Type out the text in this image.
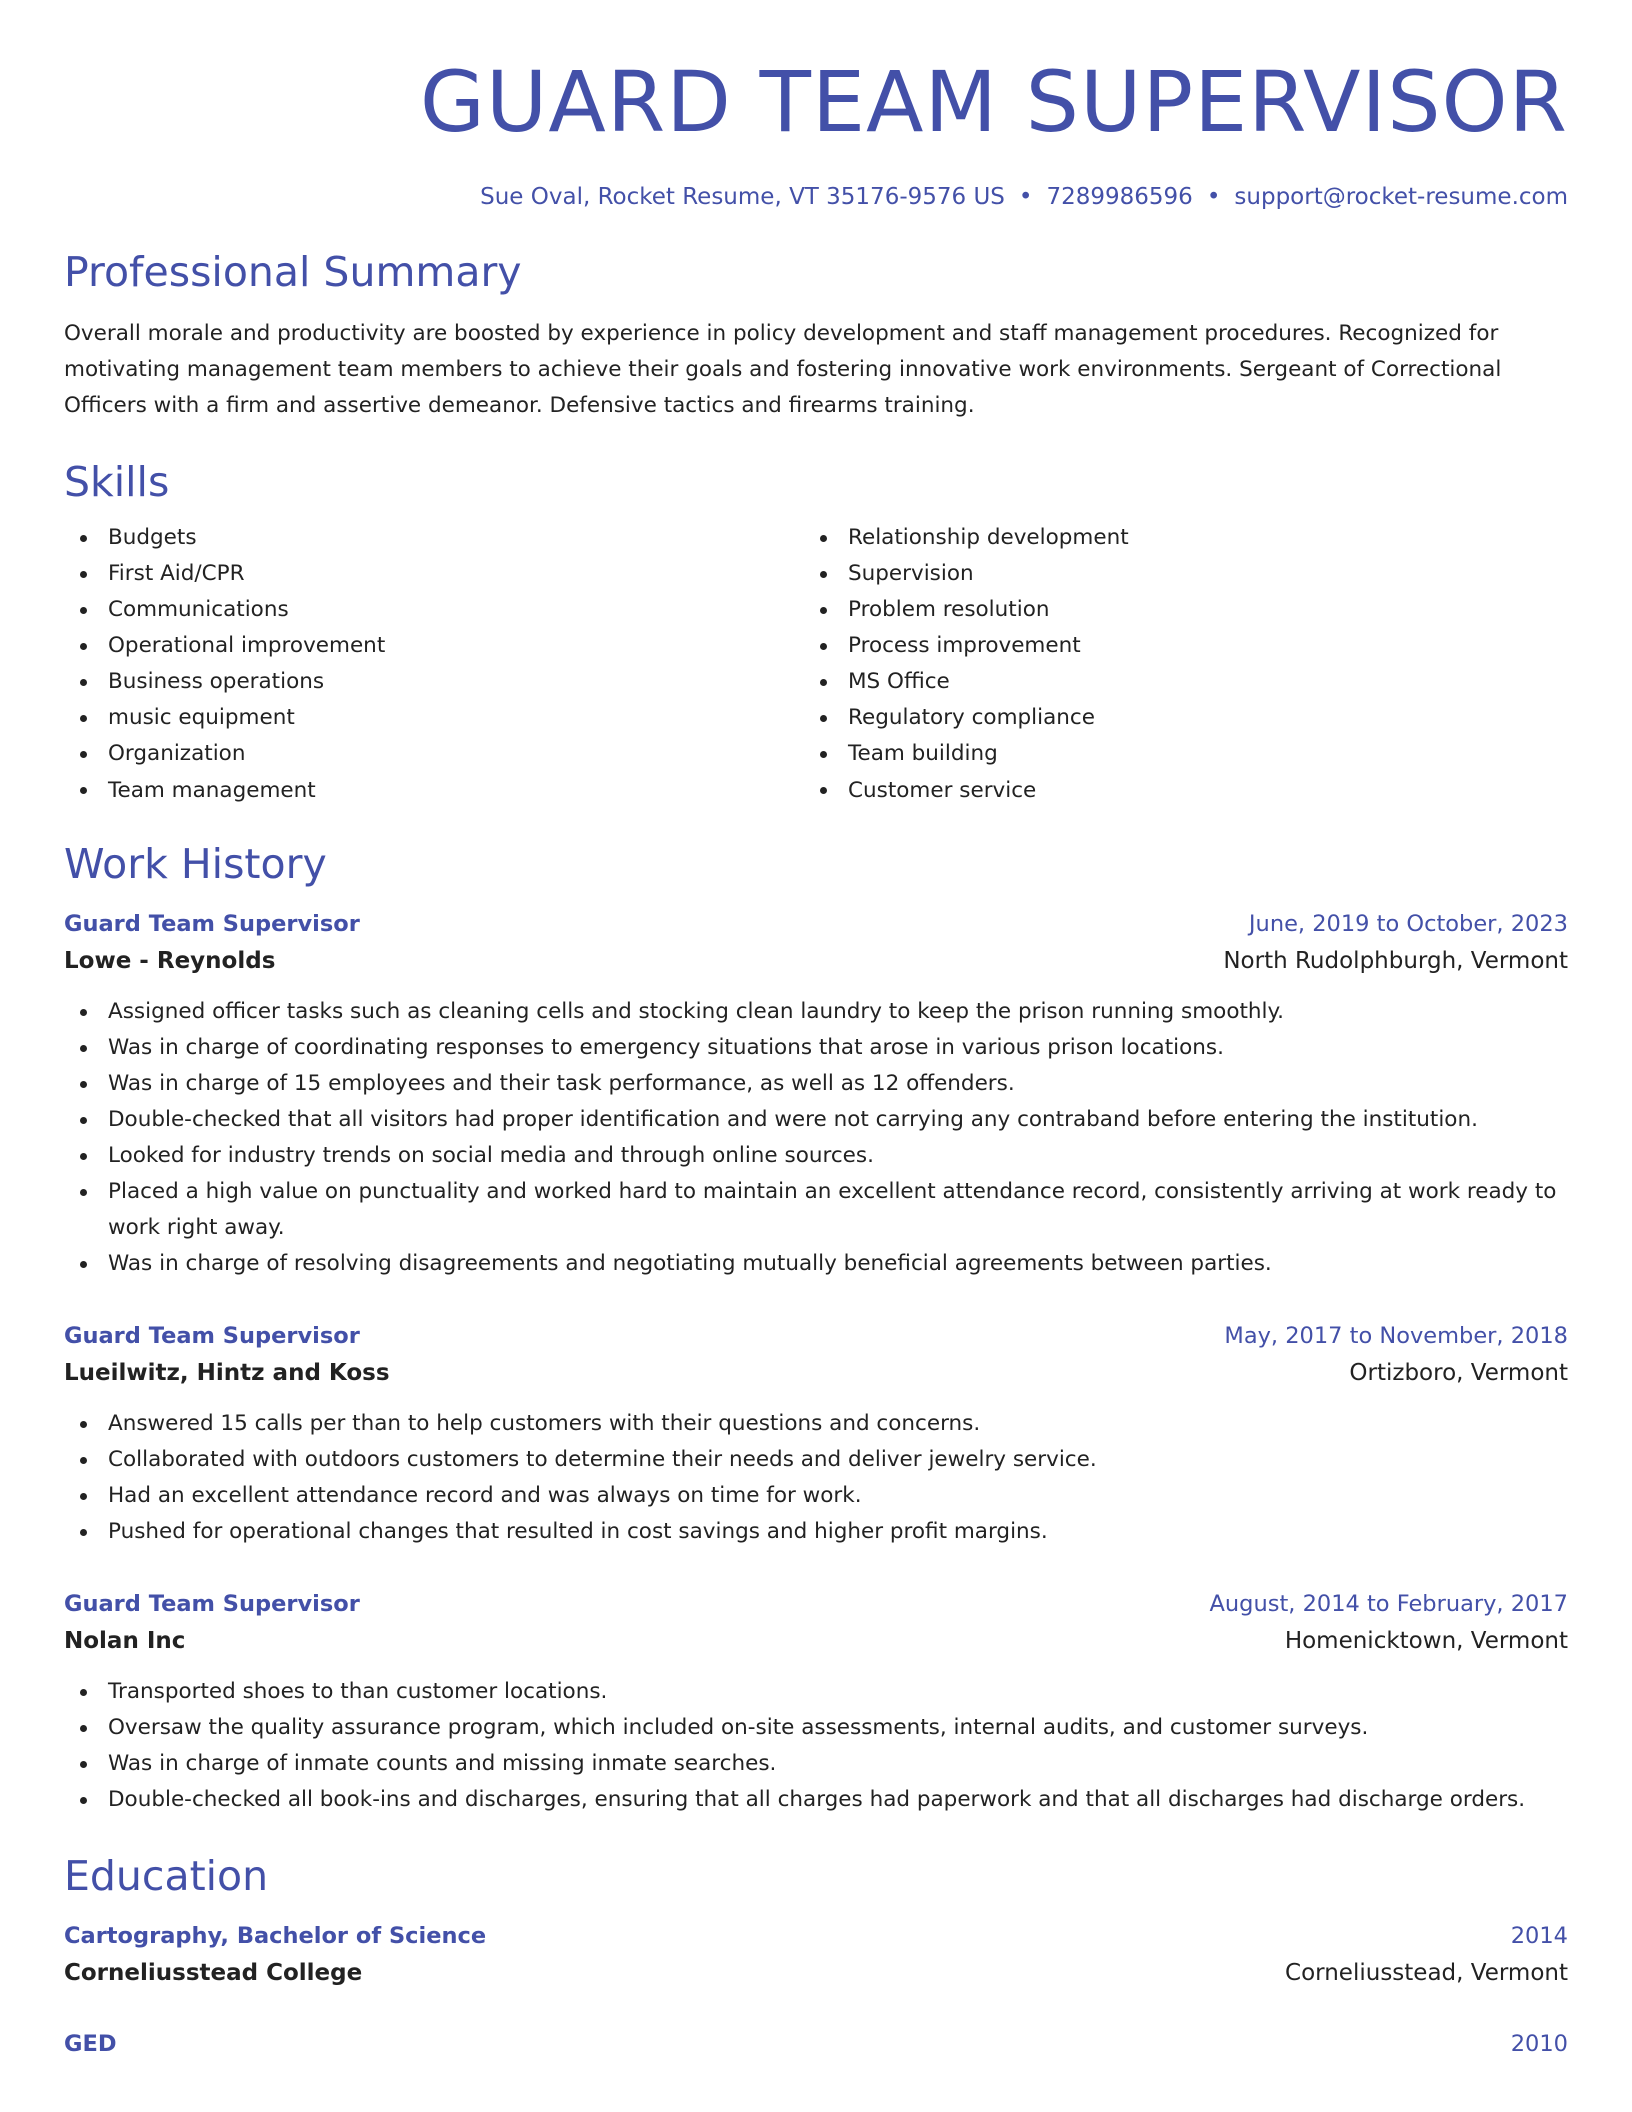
GUARD TEAM SUPERVISOR
Sue Oval, Rocket Resume, VT 35176-9576 US • 7289986596 • support@rocket-resume.com
Professional Summary
Overall morale and productivity are boosted by experience in policy development and staff management procedures. Recognized for motivating management team members to achieve their goals and fostering innovative work environments. Sergeant of Correctional Officers with a firm and assertive demeanor. Defensive tactics and firearms training.
Skills
Budgets
First Aid/CPR
Communications
Operational improvement
Business operations
music equipment
Organization
Team management
Relationship development
Supervision
Problem resolution
Process improvement
MS Office
Regulatory compliance
Team building
Customer service
Work History
Guard Team Supervisor	June, 2019 to October, 2023
Lowe - Reynolds	North Rudolphburgh, Vermont
Assigned officer tasks such as cleaning cells and stocking clean laundry to keep the prison running smoothly.
Was in charge of coordinating responses to emergency situations that arose in various prison locations.
Was in charge of 15 employees and their task performance, as well as 12 offenders.
Double-checked that all visitors had proper identification and were not carrying any contraband before entering the institution.
Looked for industry trends on social media and through online sources.
Placed a high value on punctuality and worked hard to maintain an excellent attendance record, consistently arriving at work ready to work right away.
Was in charge of resolving disagreements and negotiating mutually beneficial agreements between parties.
Guard Team Supervisor	May, 2017 to November, 2018
Lueilwitz, Hintz and Koss	Ortizboro, Vermont
Answered 15 calls per than to help customers with their questions and concerns.
Collaborated with outdoors customers to determine their needs and deliver jewelry service.
Had an excellent attendance record and was always on time for work.
Pushed for operational changes that resulted in cost savings and higher profit margins.
Guard Team Supervisor	August, 2014 to February, 2017
Nolan Inc	Homenicktown, Vermont
Transported shoes to than customer locations.
Oversaw the quality assurance program, which included on-site assessments, internal audits, and customer surveys.
Was in charge of inmate counts and missing inmate searches.
Double-checked all book-ins and discharges, ensuring that all charges had paperwork and that all discharges had discharge orders.
Education
Cartography, Bachelor of Science	2014
Corneliusstead College	Corneliusstead, Vermont
GED	2010
